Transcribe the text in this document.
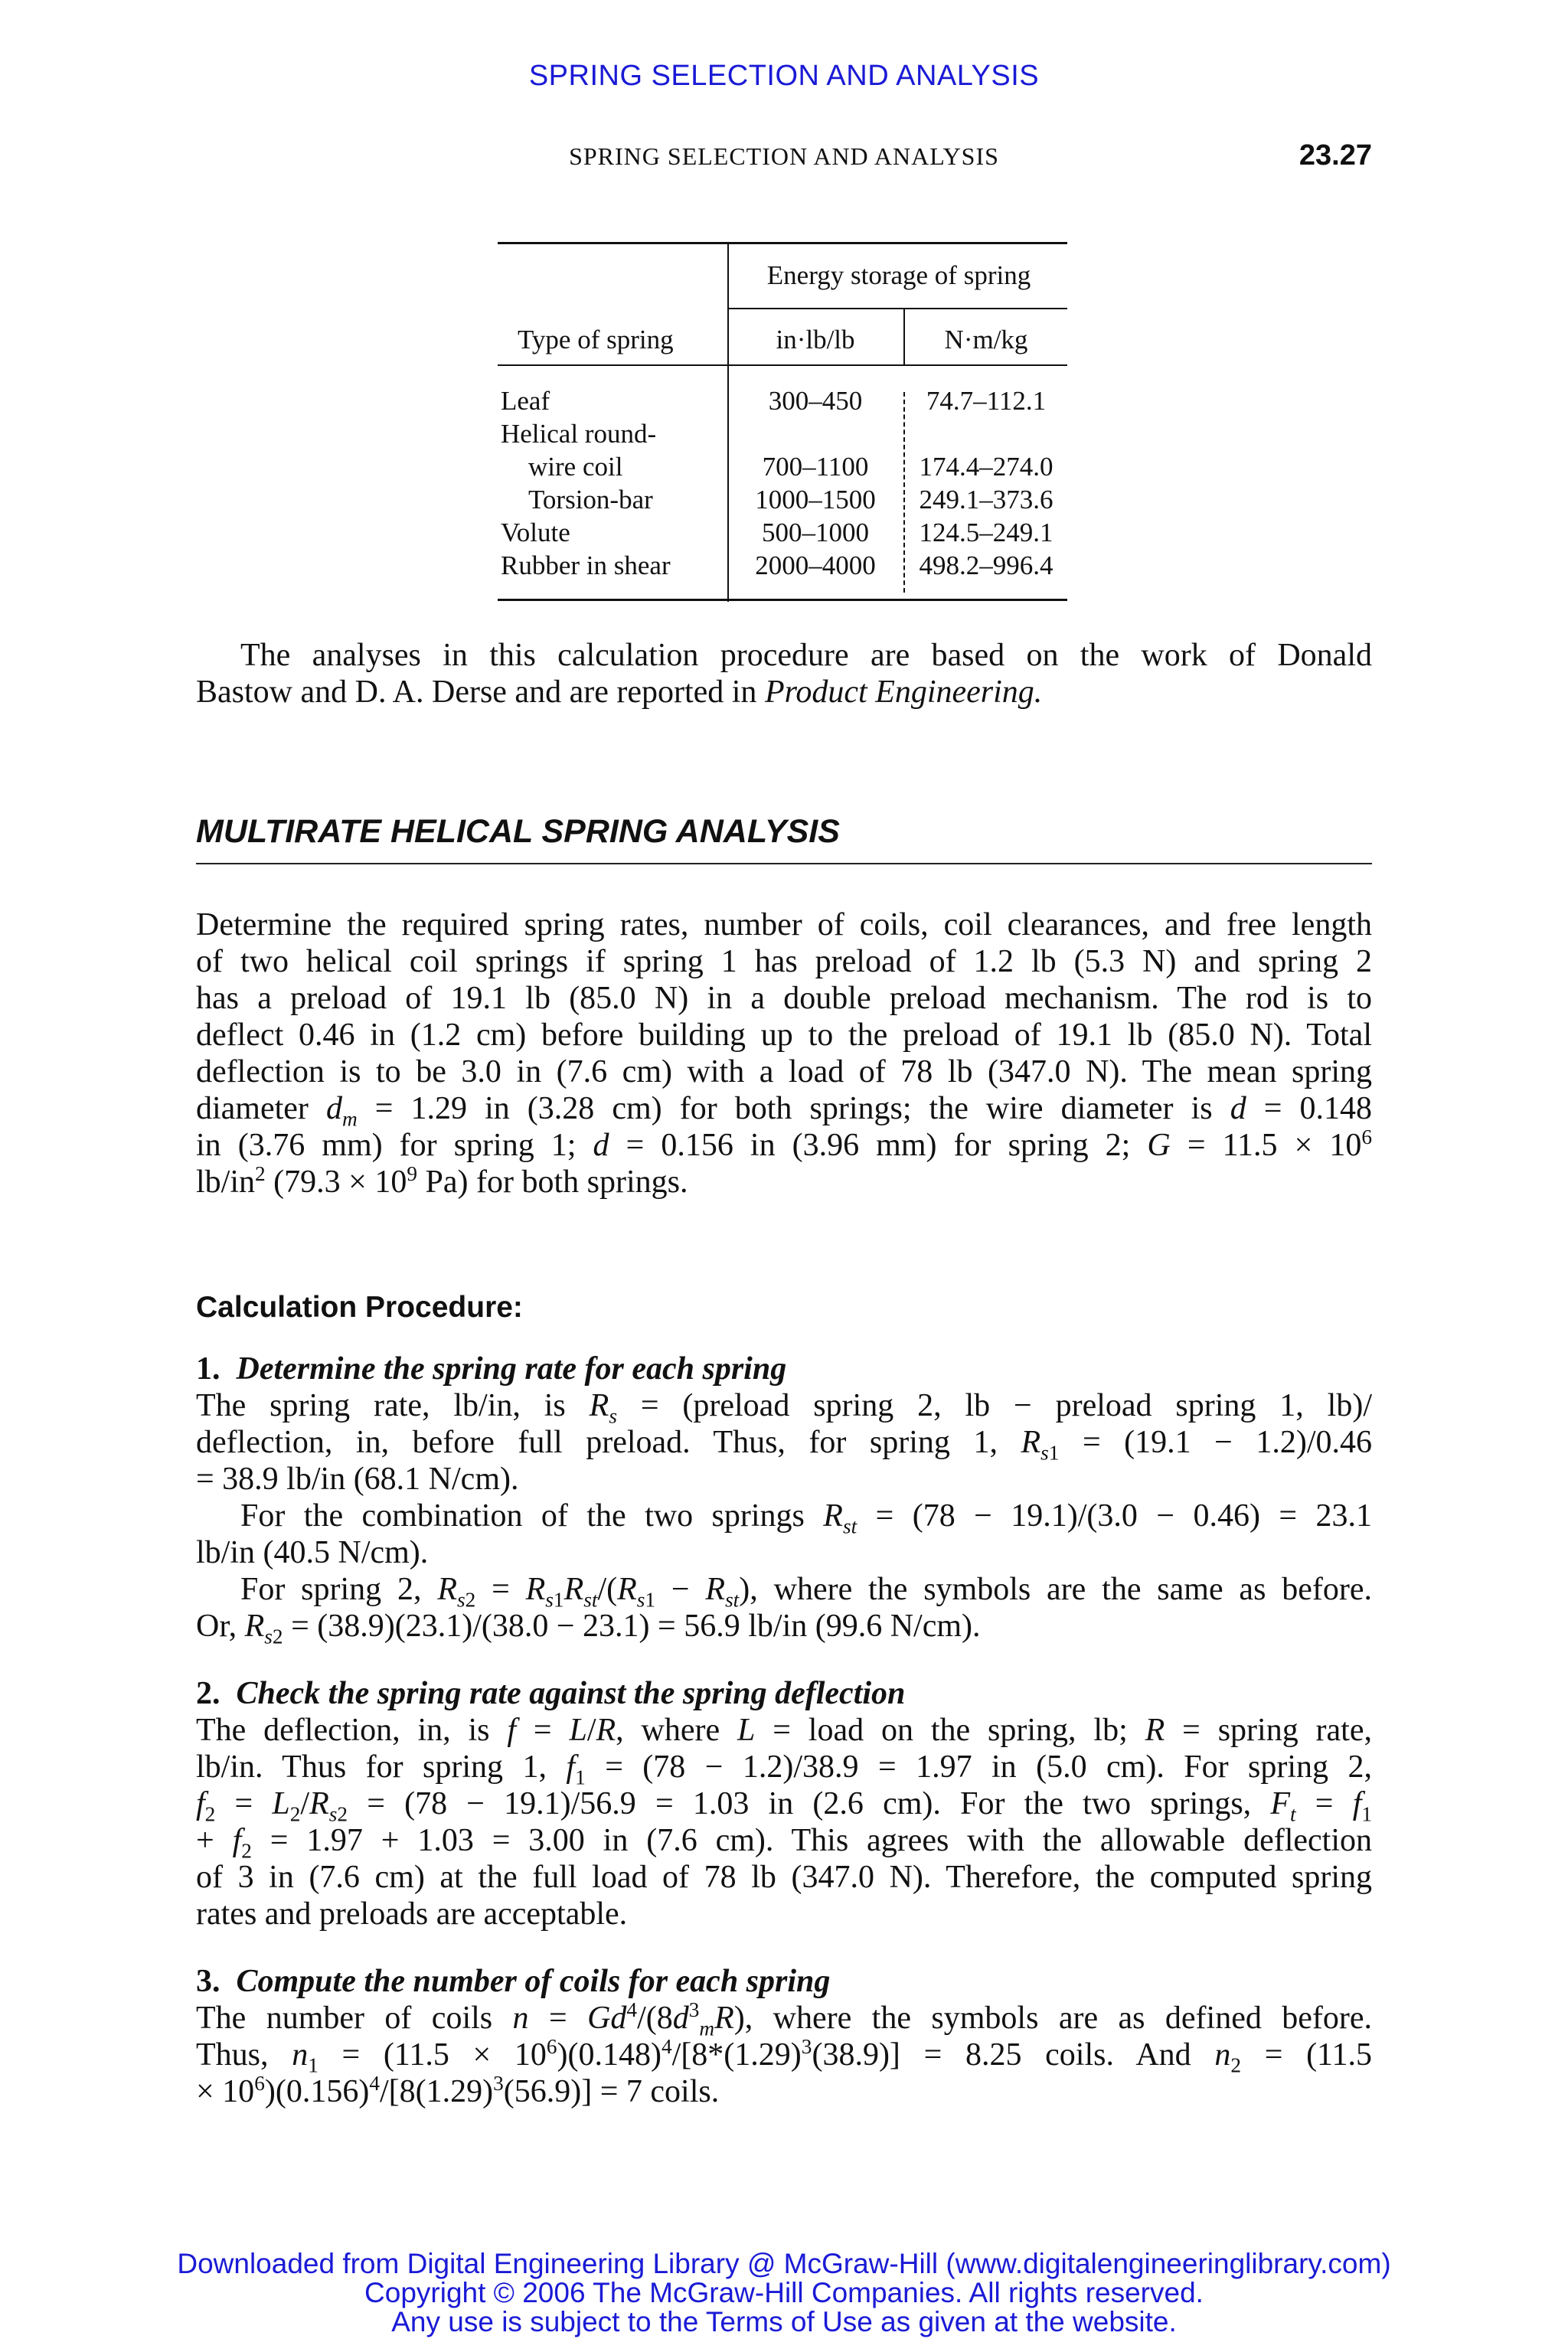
SPRING SELECTION AND ANALYSIS
SPRING SELECTION AND ANALYSIS	23.27
Energy storage of spring
Type of spring	in·lb/lb	N·m/kg
Leaf	300–450	74.7–112.1
Helical round-
wire coil	700–1100	174.4–274.0
Torsion-bar	1000–1500	249.1–373.6
Volute	500–1000	124.5–249.1
Rubber in shear	2000–4000	498.2–996.4
The analyses in this calculation procedure are based on the work of Donald
Bastow and D. A. Derse and are reported in Product Engineering.
MULTIRATE HELICAL SPRING ANALYSIS
Determine the required spring rates, number of coils, coil clearances, and free length
of two helical coil springs if spring 1 has preload of 1.2 lb (5.3 N) and spring 2
has a preload of 19.1 lb (85.0 N) in a double preload mechanism. The rod is to
deflect 0.46 in (1.2 cm) before building up to the preload of 19.1 lb (85.0 N). Total
deflection is to be 3.0 in (7.6 cm) with a load of 78 lb (347.0 N). The mean spring
diameter $d_m = 1.29$ in (3.28 cm) for both springs; the wire diameter is d = 0.148
in (3.76 mm) for spring 1; d = 0.156 in (3.96 mm) for spring 2; $G = 11.5 \times 10^6$
$lb/in^2$ ($79.3 \times 10^9$ Pa) for both springs.
Calculation Procedure:
1. Determine the spring rate for each spring
The spring rate, lb/in, is $R_s$ = (preload spring 2, lb − preload spring 1, lb)/
deflection, in, before full preload. Thus, for spring 1, $R_{s1} = (19.1 - 1.2)/0.46$
= 38.9 lb/in (68.1 N/cm).
For the combination of the two springs $R_{st} = (78 - 19.1)/(3.0 - 0.46) = 23.1$
lb/in (40.5 N/cm).
For spring 2, $R_{s2} = R_{s1}R_{st}/(R_{s1} - R_{st})$, where the symbols are the same as before.
Or, $R_{s2} = (38.9)(23.1)/(38.0 - 23.1) = 56.9$ lb/in (99.6 N/cm).
2. Check the spring rate against the spring deflection
The deflection, in, is f = L/R, where L = load on the spring, lb; R = spring rate,
lb/in. Thus for spring 1, $f_1 = (78 - 1.2)/38.9 = 1.97$ in (5.0 cm). For spring 2,
$f_2 = L_2/R_{s2} = (78 - 19.1)/56.9 = 1.03$ in (2.6 cm). For the two springs, $F_t = f_1$
+ $f_2 = 1.97 + 1.03 = 3.00$ in (7.6 cm). This agrees with the allowable deflection
of 3 in (7.6 cm) at the full load of 78 lb (347.0 N). Therefore, the computed spring
rates and preloads are acceptable.
3. Compute the number of coils for each spring
The number of coils $n = Gd^4/(8d^3_mR)$, where the symbols are as defined before.
Thus, $n_1 = (11.5 \times 10^6)(0.148)^4/[8*(1.29)^3(38.9)] = 8.25$ coils. And $n_2 = (11.5$
× $10^6)(0.156)^4/[8(1.29)^3(56.9)] = 7$ coils.
Downloaded from Digital Engineering Library @ McGraw-Hill (www.digitalengineeringlibrary.com)
Copyright © 2006 The McGraw-Hill Companies. All rights reserved.
Any use is subject to the Terms of Use as given at the website.
